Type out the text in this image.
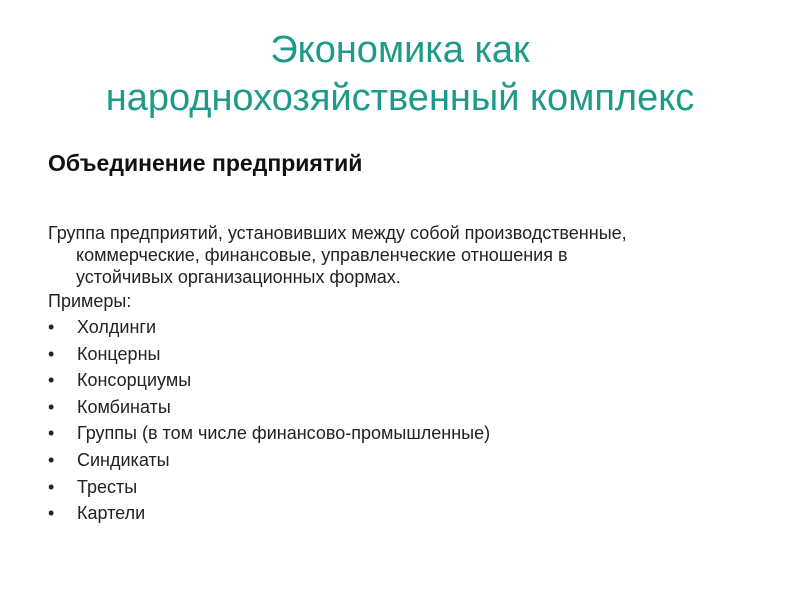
Экономика как
народнохозяйственный комплекс
Объединение предприятий
Группа предприятий, установивших между собой производственные,
коммерческие, финансовые, управленческие отношения в
устойчивых организационных формах.
Примеры:
• Холдинги
• Концерны
• Консорциумы
• Комбинаты
• Группы (в том числе финансово-промышленные)
• Синдикаты
• Тресты
• Картели
